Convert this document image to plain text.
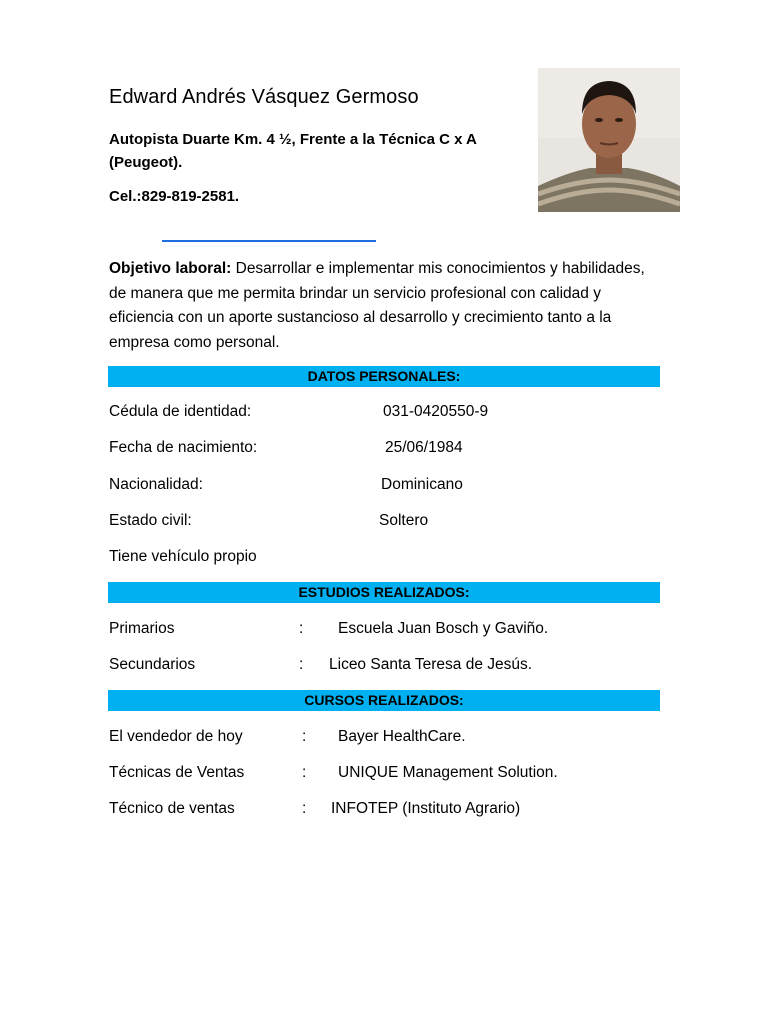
Edward Andrés Vásquez Germoso
Autopista Duarte Km. 4 ½, Frente a la Técnica C x A (Peugeot).
Cel.:829-819-2581.
Objetivo laboral: Desarrollar e implementar mis conocimientos y habilidades, de manera que me permita brindar un servicio profesional con calidad y eficiencia con un aporte sustancioso al desarrollo y crecimiento tanto a la empresa como personal.
DATOS PERSONALES:
Cédula de identidad:	031-0420550-9
Fecha de nacimiento:	25/06/1984
Nacionalidad:	Dominicano
Estado civil:	Soltero
Tiene vehículo propio
ESTUDIOS REALIZADOS:
Primarios	: Escuela Juan Bosch y Gaviño.
Secundarios	: Liceo Santa Teresa de Jesús.
CURSOS REALIZADOS:
El vendedor de hoy	: Bayer HealthCare.
Técnicas de Ventas	: UNIQUE Management Solution.
Técnico de ventas	: INFOTEP (Instituto Agrario)
